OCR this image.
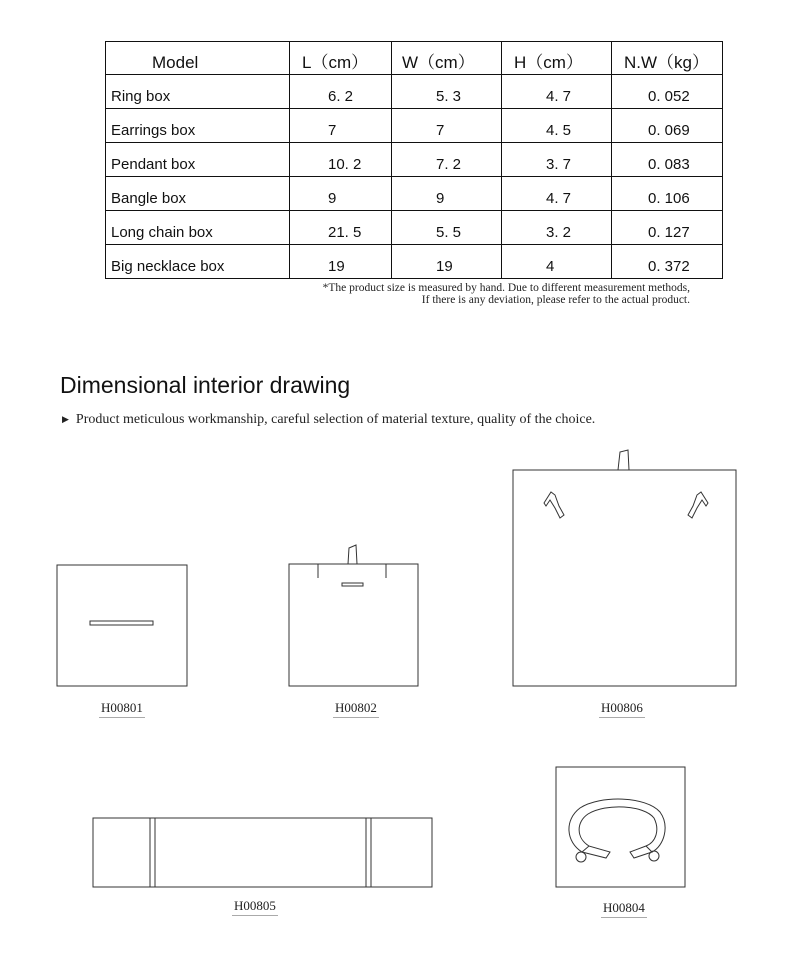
Model	L（cm）	W（cm）	H（cm）	N.W（kg）
Ring box	6. 2	5. 3	4. 7	0. 052
Earrings box	7	7	4. 5	0. 069
Pendant box	10. 2	7. 2	3. 7	0. 083
Bangle box	9	9	4. 7	0. 106
Long chain box	21. 5	5. 5	3. 2	0. 127
Big necklace box	19	19	4	0. 372
*The product size is measured by hand. Due to different measurement methods,
If there is any deviation, please refer to the actual product.
Dimensional interior drawing
▶ Product meticulous workmanship, careful selection of material texture, quality of the choice.
H00801	H00802	H00806
H00805	H00804
